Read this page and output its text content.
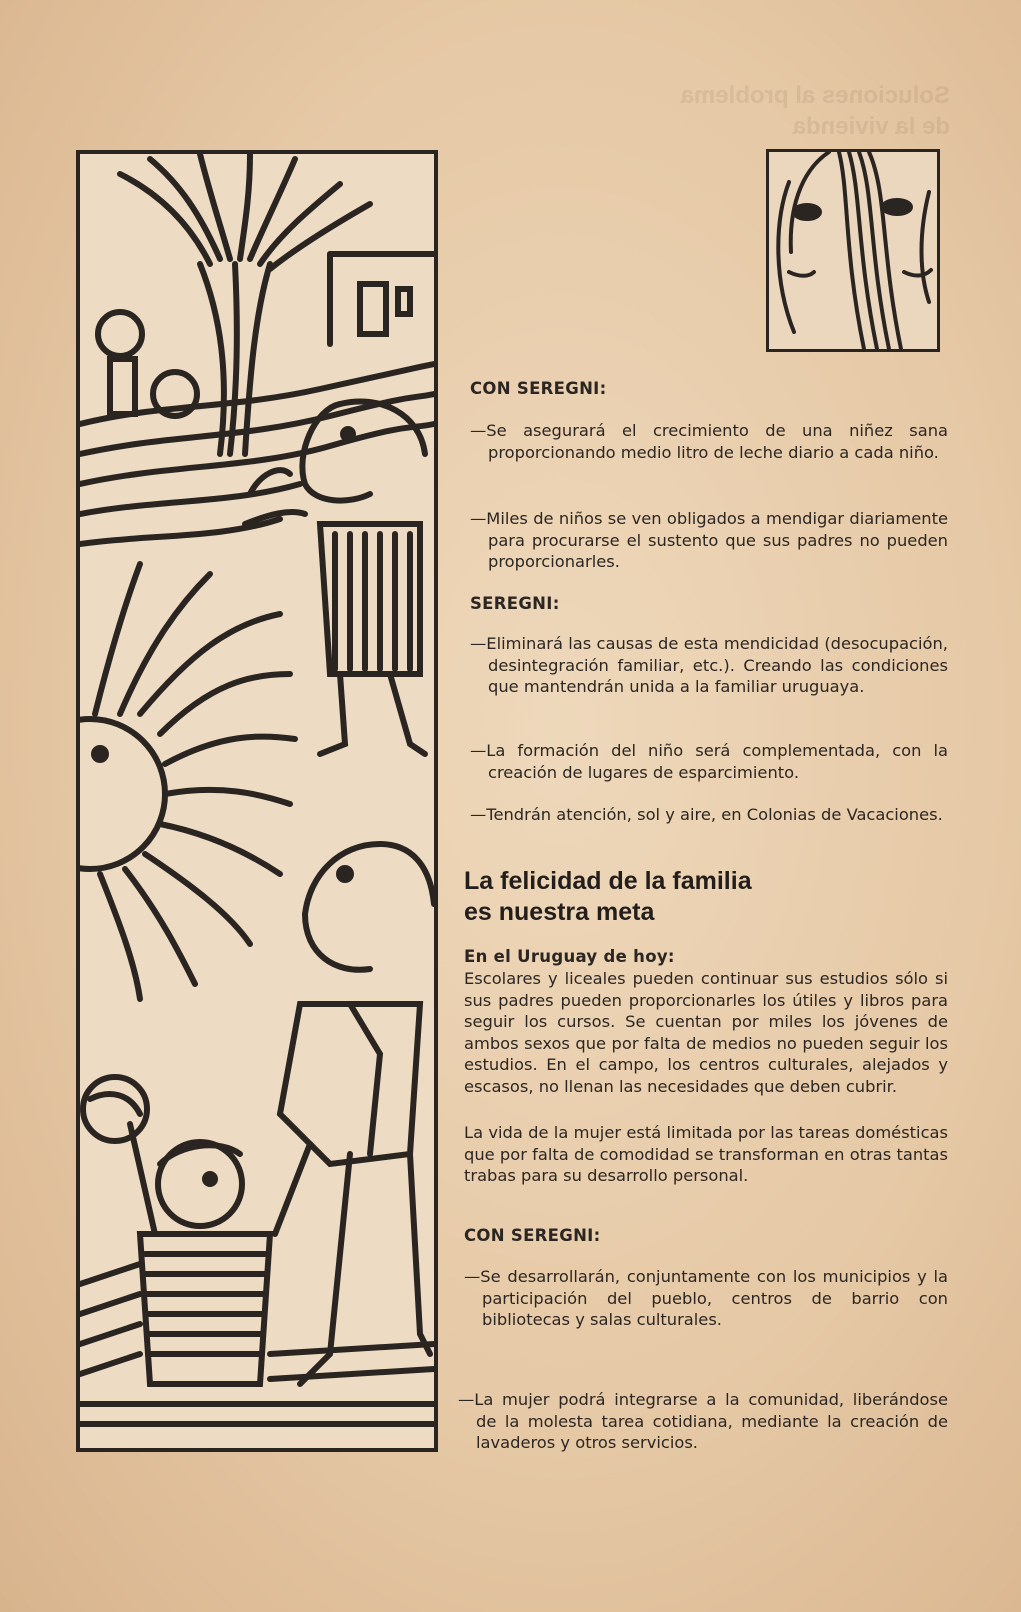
Soluciones al problema
de la vivienda

CON SEREGNI:

—Se asegurará el crecimiento de una niñez sana proporcionando medio litro de leche diario a cada niño.

—Miles de niños se ven obligados a mendigar diariamente para procurarse el sustento que sus padres no pueden proporcionarles.

SEREGNI:

—Eliminará las causas de esta mendicidad (desocupación, desintegración familiar, etc.). Creando las condiciones que mantendrán unida a la familiar uruguaya.

—La formación del niño será complementada, con la creación de lugares de esparcimiento.

—Tendrán atención, sol y aire, en Colonias de Vacaciones.

La felicidad de la familia

es nuestra meta

En el Uruguay de hoy:

Escolares y liceales pueden continuar sus estudios sólo si sus padres pueden proporcionarles los útiles y libros para seguir los cursos. Se cuentan por miles los jóvenes de ambos sexos que por falta de medios no pueden seguir los estudios. En el campo, los centros culturales, alejados y escasos, no llenan las necesidades que deben cubrir.

La vida de la mujer está limitada por las tareas domésticas que por falta de comodidad se transforman en otras tantas trabas para su desarrollo personal.

CON SEREGNI:

—Se desarrollarán, conjuntamente con los municipios y la participación del pueblo, centros de barrio con bibliotecas y salas culturales.

—La mujer podrá integrarse a la comunidad, liberándose de la molesta tarea cotidiana, mediante la creación de lavaderos y otros servicios.
